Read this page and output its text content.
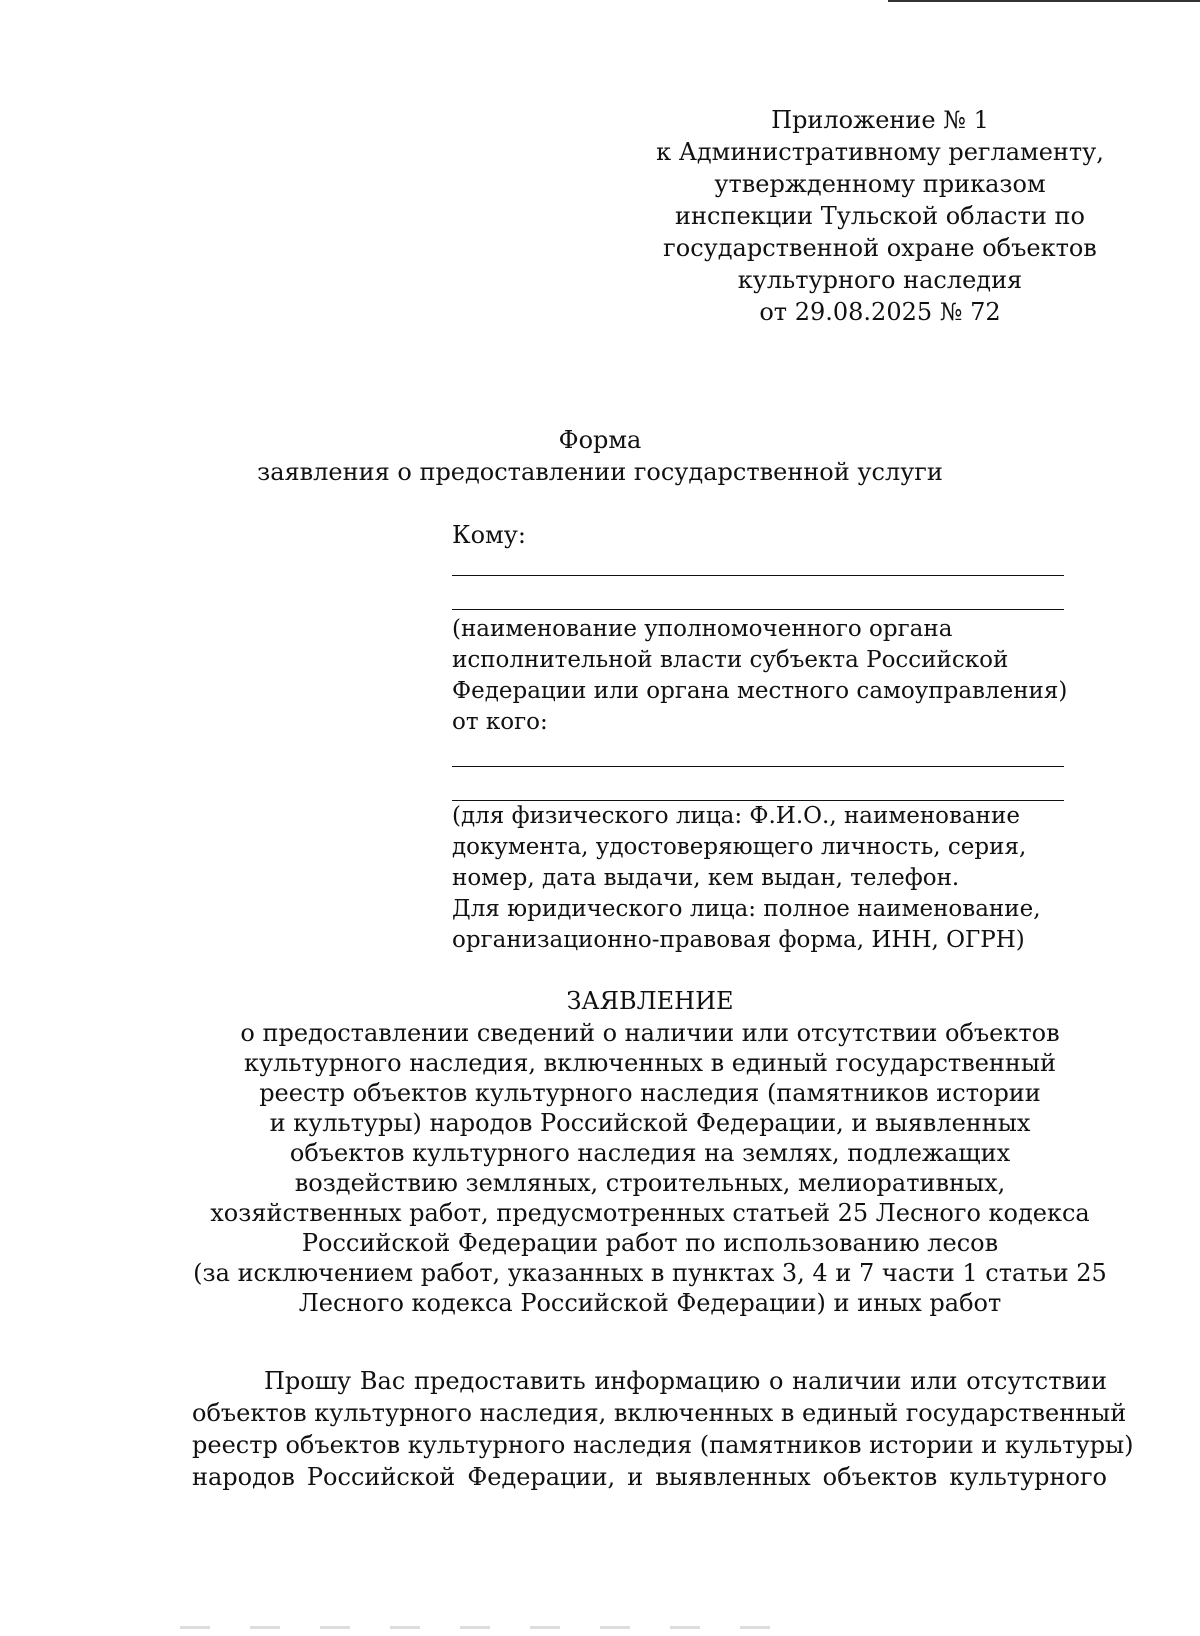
Приложение № 1
к Административному регламенту,
утвержденному приказом
инспекции Тульской области по
государственной охране объектов
культурного наследия
от 29.08.2025 № 72
Форма
заявления о предоставлении государственной услуги
Кому:
(наименование уполномоченного органа
исполнительной власти субъекта Российской
Федерации или органа местного самоуправления)
от кого:
(для физического лица: Ф.И.О., наименование
документа, удостоверяющего личность, серия,
номер, дата выдачи, кем выдан, телефон.
Для юридического лица: полное наименование,
организационно-правовая форма, ИНН, ОГРН)
ЗАЯВЛЕНИЕ
о предоставлении сведений о наличии или отсутствии объектов
культурного наследия, включенных в единый государственный
реестр объектов культурного наследия (памятников истории
и культуры) народов Российской Федерации, и выявленных
объектов культурного наследия на землях, подлежащих
воздействию земляных, строительных, мелиоративных,
хозяйственных работ, предусмотренных статьей 25 Лесного кодекса
Российской Федерации работ по использованию лесов
(за исключением работ, указанных в пунктах 3, 4 и 7 части 1 статьи 25
Лесного кодекса Российской Федерации) и иных работ
Прошу Вас предоставить информацию о наличии или отсутствии
объектов культурного наследия, включенных в единый государственный
реестр объектов культурного наследия (памятников истории и культуры)
народов Российской Федерации, и выявленных объектов культурного
